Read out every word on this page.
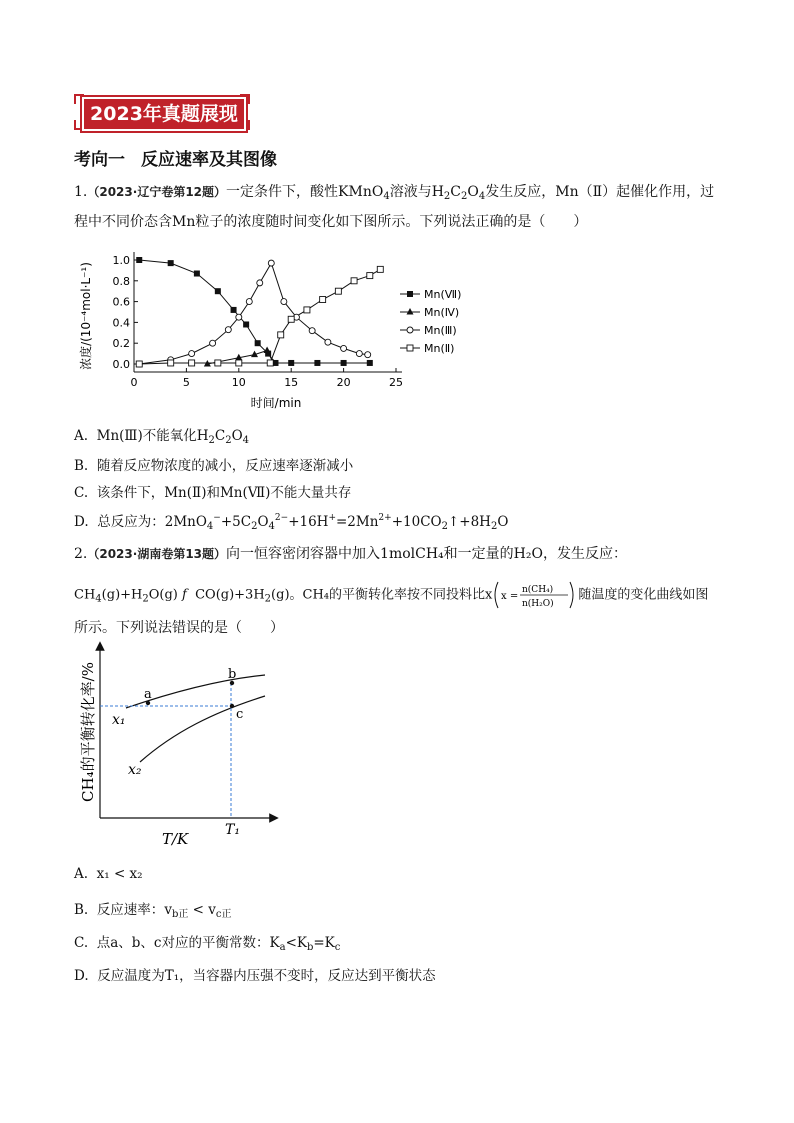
2023年真题展现
考向一 反应速率及其图像
1.（2023·辽宁卷第12题）一定条件下，酸性KMnO$_4$溶液与$H_2C_2O_4$发生反应，Mn（Ⅱ）起催化作用，过
程中不同价态含Mn粒子的浓度随时间变化如下图所示。下列说法正确的是（　　）
0.0
0.2
0.4
0.6
0.8
1.0
0	5	10	15	20	25
Mn(Ⅶ)
Mn(Ⅳ)
Mn(Ⅲ)
Mn(Ⅱ)
浓度/(10⁻⁴mol·L⁻¹)
时间/min
A. Mn(Ⅲ)不能氧化$H_2C_2O_4$
B. 随着反应物浓度的减小，反应速率逐渐减小
C. 该条件下，Mn(Ⅱ)和Mn(Ⅶ)不能大量共存
D. 总反应为：$2MnO_4^-+5C_2O_4^{2-}+16H^+=2Mn^{2+}+10CO_2↑+8H_2O$
2.（2023·湖南卷第13题）向一恒容密闭容器中加入1molCH₄和一定量的H₂O，发生反应：
$CH_4(g)+H_2O(g)$ f  $CO(g)+3H_2(g)$。CH₄的平衡转化率按不同投料比x x =
n(CH₄)
n(H₂O)
随温度的变化曲线如图
所示。下列说法错误的是（　　）
a
b
c
x₁
x₂
T₁
T/K
CH₄的平衡转化率/%
A. x₁ < x₂
B. 反应速率：$v_{b正} < v_{c正}$
C. 点a、b、c对应的平衡常数：$K_a<K_b=K_c$
D. 反应温度为T₁，当容器内压强不变时，反应达到平衡状态
